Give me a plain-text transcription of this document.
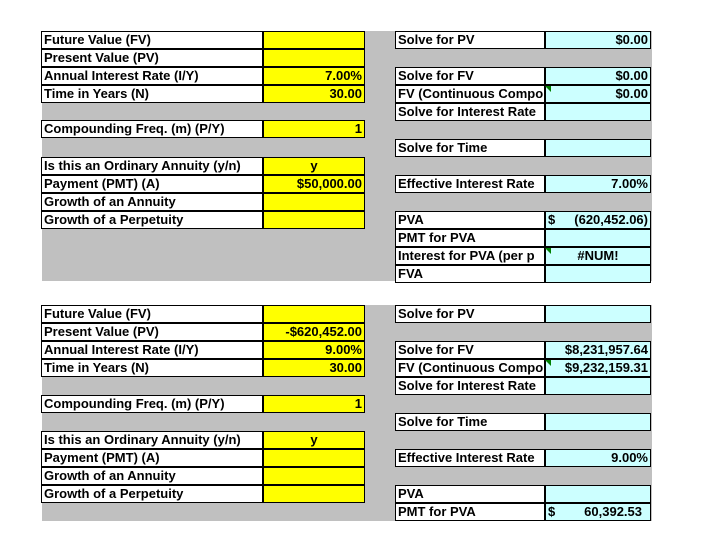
Future Value (FV)
Present Value (PV)
Annual Interest Rate (I/Y)
Time in Years (N)
Compounding Freq. (m) (P/Y)
Is this an Ordinary Annuity (y/n)
Payment (PMT) (A)
Growth of an Annuity
Growth of a Perpetuity
7.00%
30.00
1
y
$50,000.00
Solve for PV
Solve for FV
FV (Continuous Compo
Solve for Interest Rate
Solve for Time
Effective Interest Rate
PVA
PMT for PVA
Interest for PVA (per p
FVA
$0.00
$0.00
$0.00
7.00%
$ (620,452.06)
#NUM!
Future Value (FV)
Present Value (PV)
Annual Interest Rate (I/Y)
Time in Years (N)
Compounding Freq. (m) (P/Y)
Is this an Ordinary Annuity (y/n)
Payment (PMT) (A)
Growth of an Annuity
Growth of a Perpetuity
-$620,452.00
9.00%
30.00
1
y
Solve for PV
Solve for FV
FV (Continuous Compo
Solve for Interest Rate
Solve for Time
Effective Interest Rate
PVA
PMT for PVA
$8,231,957.64
$9,232,159.31
9.00%
$ 60,392.53
